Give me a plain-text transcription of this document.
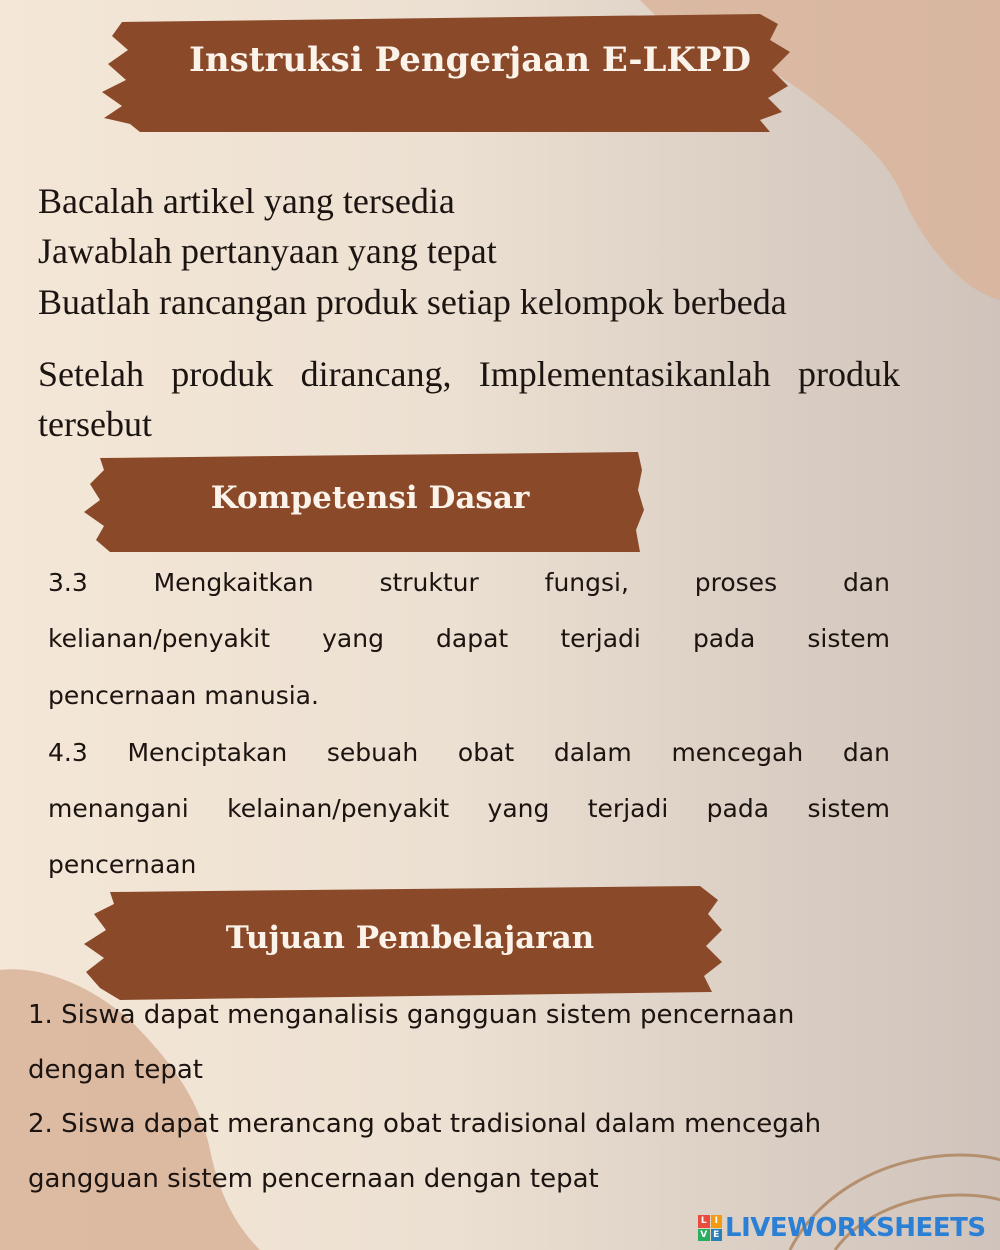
Instruksi Pengerjaan E-LKPD
Bacalah artikel yang tersedia
Jawablah pertanyaan yang tepat
Buatlah rancangan produk setiap kelompok berbeda
Setelah produk dirancang, Implementasikanlah produk
tersebut
Kompetensi Dasar
3.3	Mengkaitkan	struktur	fungsi,	proses	dan
kelianan/penyakit yang dapat terjadi pada sistem
pencernaan manusia.
4.3 Menciptakan sebuah obat dalam mencegah dan
menangani kelainan/penyakit yang terjadi pada sistem
pencernaan
Tujuan Pembelajaran
1. Siswa dapat menganalisis gangguan sistem pencernaan
dengan tepat
2. Siswa dapat merancang obat tradisional dalam mencegah
gangguan sistem pencernaan dengan tepat
L I
V E LIVEWORKSHEETS
